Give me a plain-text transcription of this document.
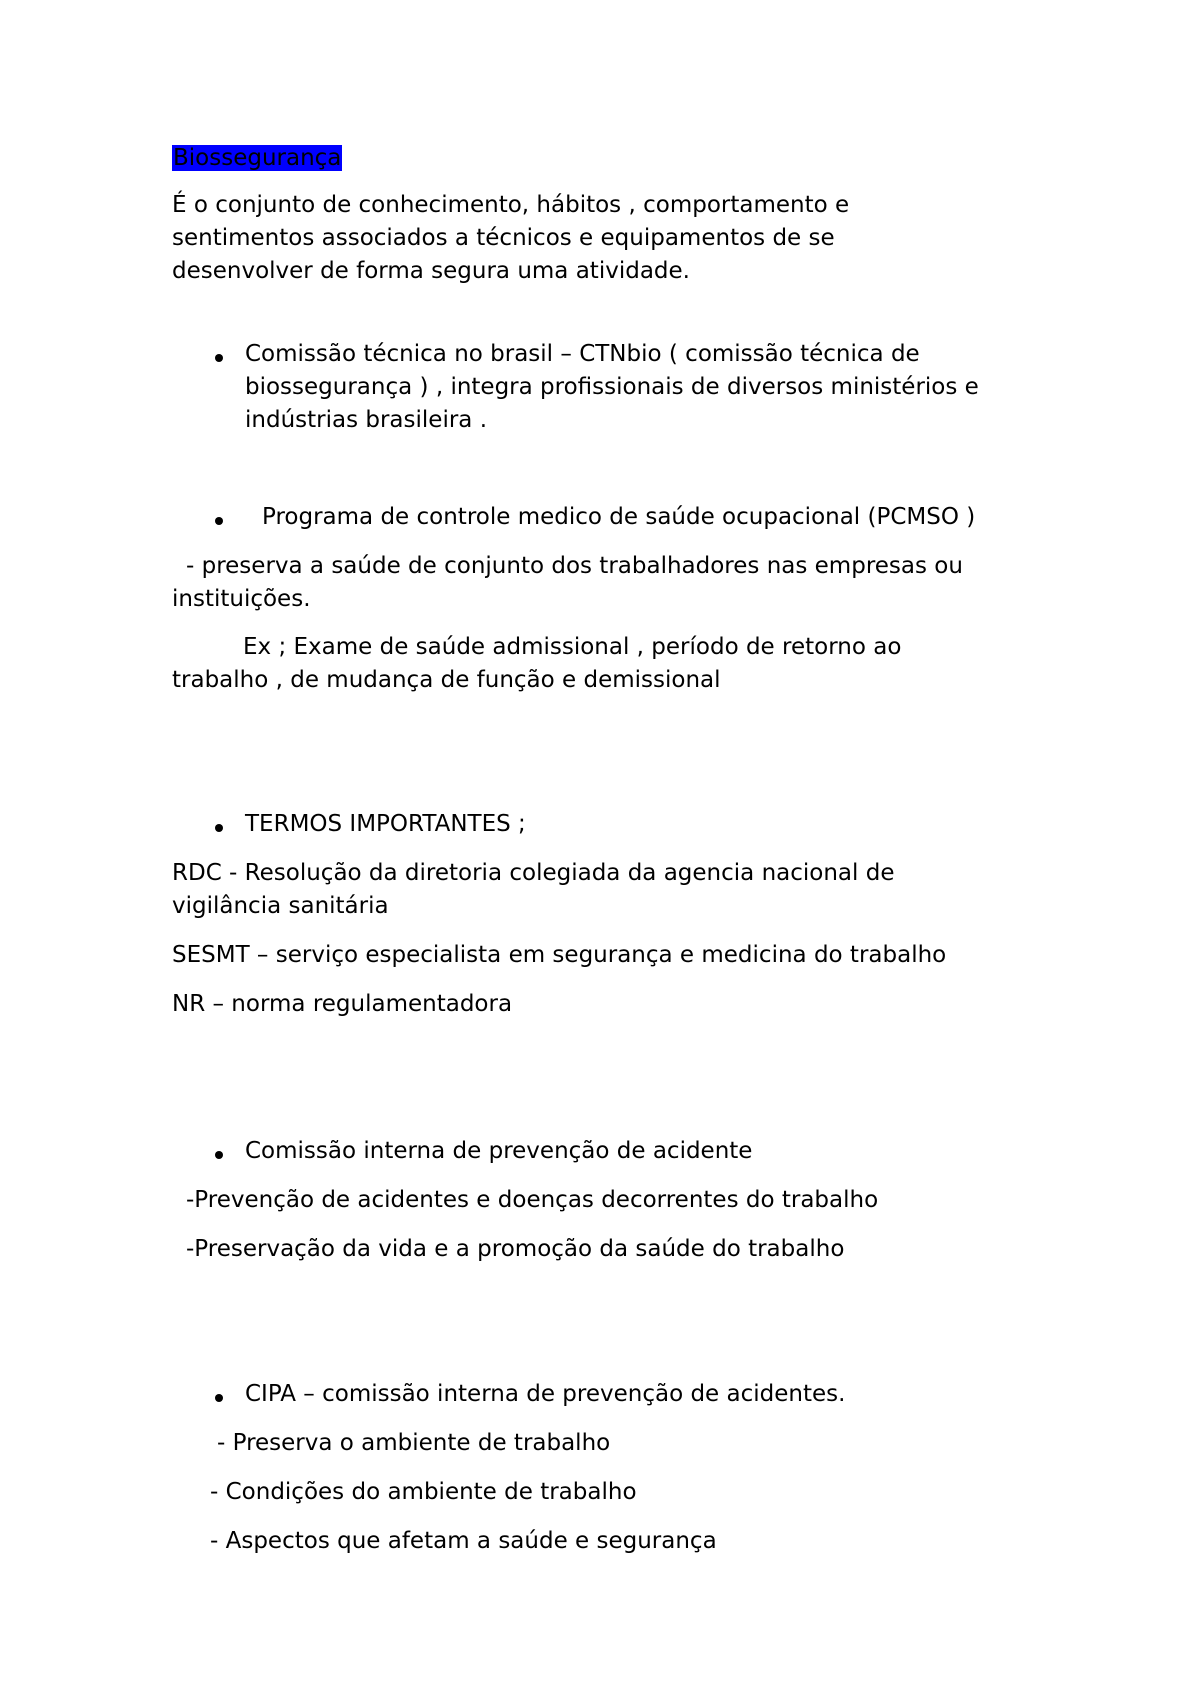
Biossegurança

É o conjunto de conhecimento, hábitos , comportamento e

sentimentos associados a técnicos e equipamentos de se

desenvolver de forma segura uma atividade.

Comissão técnica no brasil – CTNbio ( comissão técnica de

biossegurança ) , integra profissionais de diversos ministérios e

indústrias brasileira .

Programa de controle medico de saúde ocupacional (PCMSO )

- preserva a saúde de conjunto dos trabalhadores nas empresas ou

instituições.

Ex ; Exame de saúde admissional , período de retorno ao

trabalho , de mudança de função e demissional

TERMOS IMPORTANTES ;

RDC - Resolução da diretoria colegiada da agencia nacional de

vigilância sanitária

SESMT – serviço especialista em segurança e medicina do trabalho

NR – norma regulamentadora

Comissão interna de prevenção de acidente

-Prevenção de acidentes e doenças decorrentes do trabalho

-Preservação da vida e a promoção da saúde do trabalho

CIPA – comissão interna de prevenção de acidentes.

- Preserva o ambiente de trabalho

- Condições do ambiente de trabalho

- Aspectos que afetam a saúde e segurança
